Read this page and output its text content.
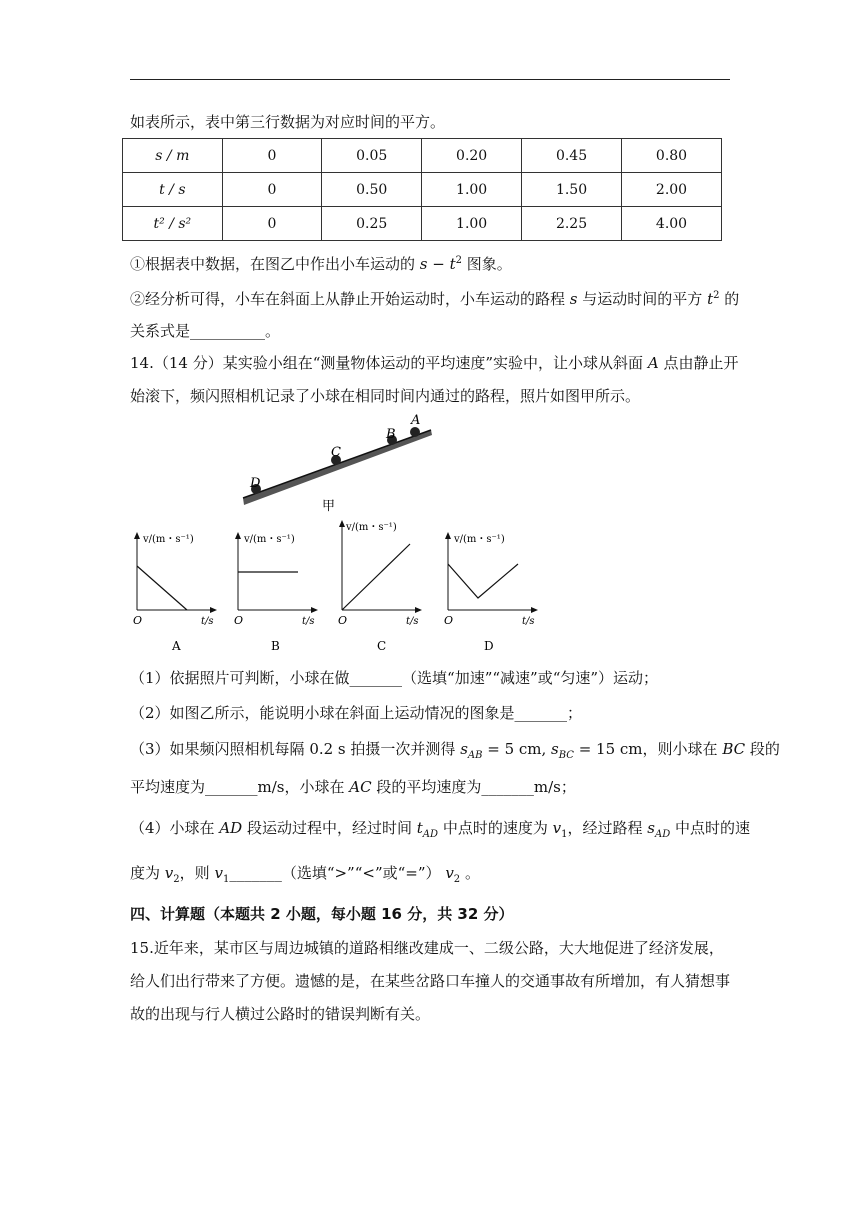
如表所示，表中第三行数据为对应时间的平方。
s / m	0	0.05	0.20	0.45	0.80
t / s	0	0.50	1.00	1.50	2.00
t² / s²	0	0.25	1.00	2.25	4.00
①根据表中数据，在图乙中作出小车运动的 $s - t^2$ 图象。
②经分析可得，小车在斜面上从静止开始运动时，小车运动的路程 s 与运动时间的平方 $t^2$ 的
关系式是__________。
14.（14 分）某实验小组在“测量物体运动的平均速度”实验中，让小球从斜面 A 点由静止开
始滚下，频闪照相机记录了小球在相同时间内通过的路程，照片如图甲所示。
A
B
C
D
甲
v/(m・s⁻¹)
t/s
O
A
v/(m・s⁻¹)
t/s
O
B
v/(m・s⁻¹)
t/s
O
C
v/(m・s⁻¹)
t/s
O
D
（1）依据照片可判断，小球在做_______（选填“加速”“减速”或“匀速”）运动；
（2）如图乙所示，能说明小球在斜面上运动情况的图象是_______；
（3）如果频闪照相机每隔 0.2 s 拍摄一次并测得 $s_{AB} = 5$ cm, $s_{BC} = 15$ cm，则小球在 BC 段的
平均速度为_______m/s，小球在 AC 段的平均速度为_______m/s；
（4）小球在 AD 段运动过程中，经过时间 $t_{AD}$ 中点时的速度为 $v_1$，经过路程 $s_{AD}$ 中点时的速
度为 $v_2$，则 $v_1\_\_\_\_\_\_\_$（选填“>”“<”或“=”） $v_2$ 。
四、计算题（本题共 2 小题，每小题 16 分，共 32 分）
15.近年来，某市区与周边城镇的道路相继改建成一、二级公路，大大地促进了经济发展，
给人们出行带来了方便。遗憾的是，在某些岔路口车撞人的交通事故有所增加，有人猜想事
故的出现与行人横过公路时的错误判断有关。
